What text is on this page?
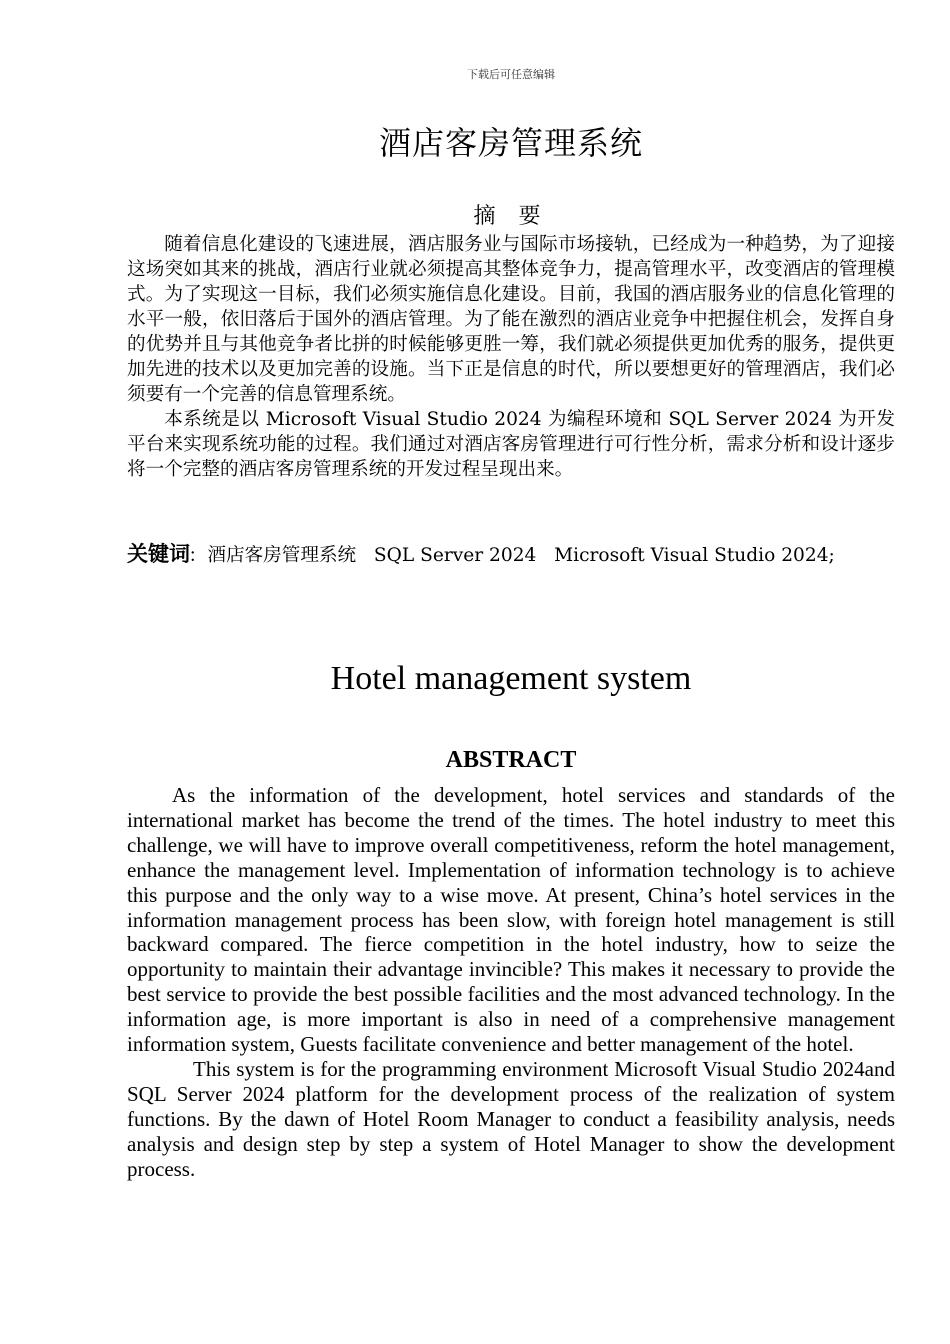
下载后可任意编辑
酒店客房管理系统
摘 要

随着信息化建设的飞速进展，酒店服务业与国际市场接轨，已经成为一种趋势，为了迎接这场突如其来的挑战，酒店行业就必须提高其整体竞争力，提高管理水平，改变酒店的管理模式。为了实现这一目标，我们必须实施信息化建设。目前，我国的酒店服务业的信息化管理的水平一般，依旧落后于国外的酒店管理。为了能在激烈的酒店业竞争中把握住机会，发挥自身的优势并且与其他竞争者比拼的时候能够更胜一筹，我们就必须提供更加优秀的服务，提供更加先进的技术以及更加完善的设施。当下正是信息的时代，所以要想更好的管理酒店，我们必须要有一个完善的信息管理系统。

本系统是以 Microsoft Visual Studio 2024 为编程环境和 SQL Server 2024 为开发平台来实现系统功能的过程。我们通过对酒店客房管理进行可行性分析，需求分析和设计逐步将一个完整的酒店客房管理系统的开发过程呈现出来。

关键词: 酒店客房管理系统   SQL Server 2024   Microsoft Visual Studio 2024;
Hotel management system
ABSTRACT

As the information of the development, hotel services and standards of the international market has become the trend of the times. The hotel industry to meet this challenge, we will have to improve overall competitiveness, reform the hotel management, enhance the management level. Implementation of information technology is to achieve this purpose and the only way to a wise move. At present, China’s hotel services in the information management process has been slow, with foreign hotel management is still backward compared. The fierce competition in the hotel industry, how to seize the opportunity to maintain their advantage invincible? This makes it necessary to provide the best service to provide the best possible facilities and the most advanced technology. In the information age, is more important is also in need of a comprehensive management information system, Guests facilitate convenience and better management of the hotel.

This system is for the programming environment Microsoft Visual Studio 2024and SQL Server 2024 platform for the development process of the realization of system functions. By the dawn of Hotel Room Manager to conduct a feasibility analysis, needs analysis and design step by step a system of Hotel Manager to show the development process.
